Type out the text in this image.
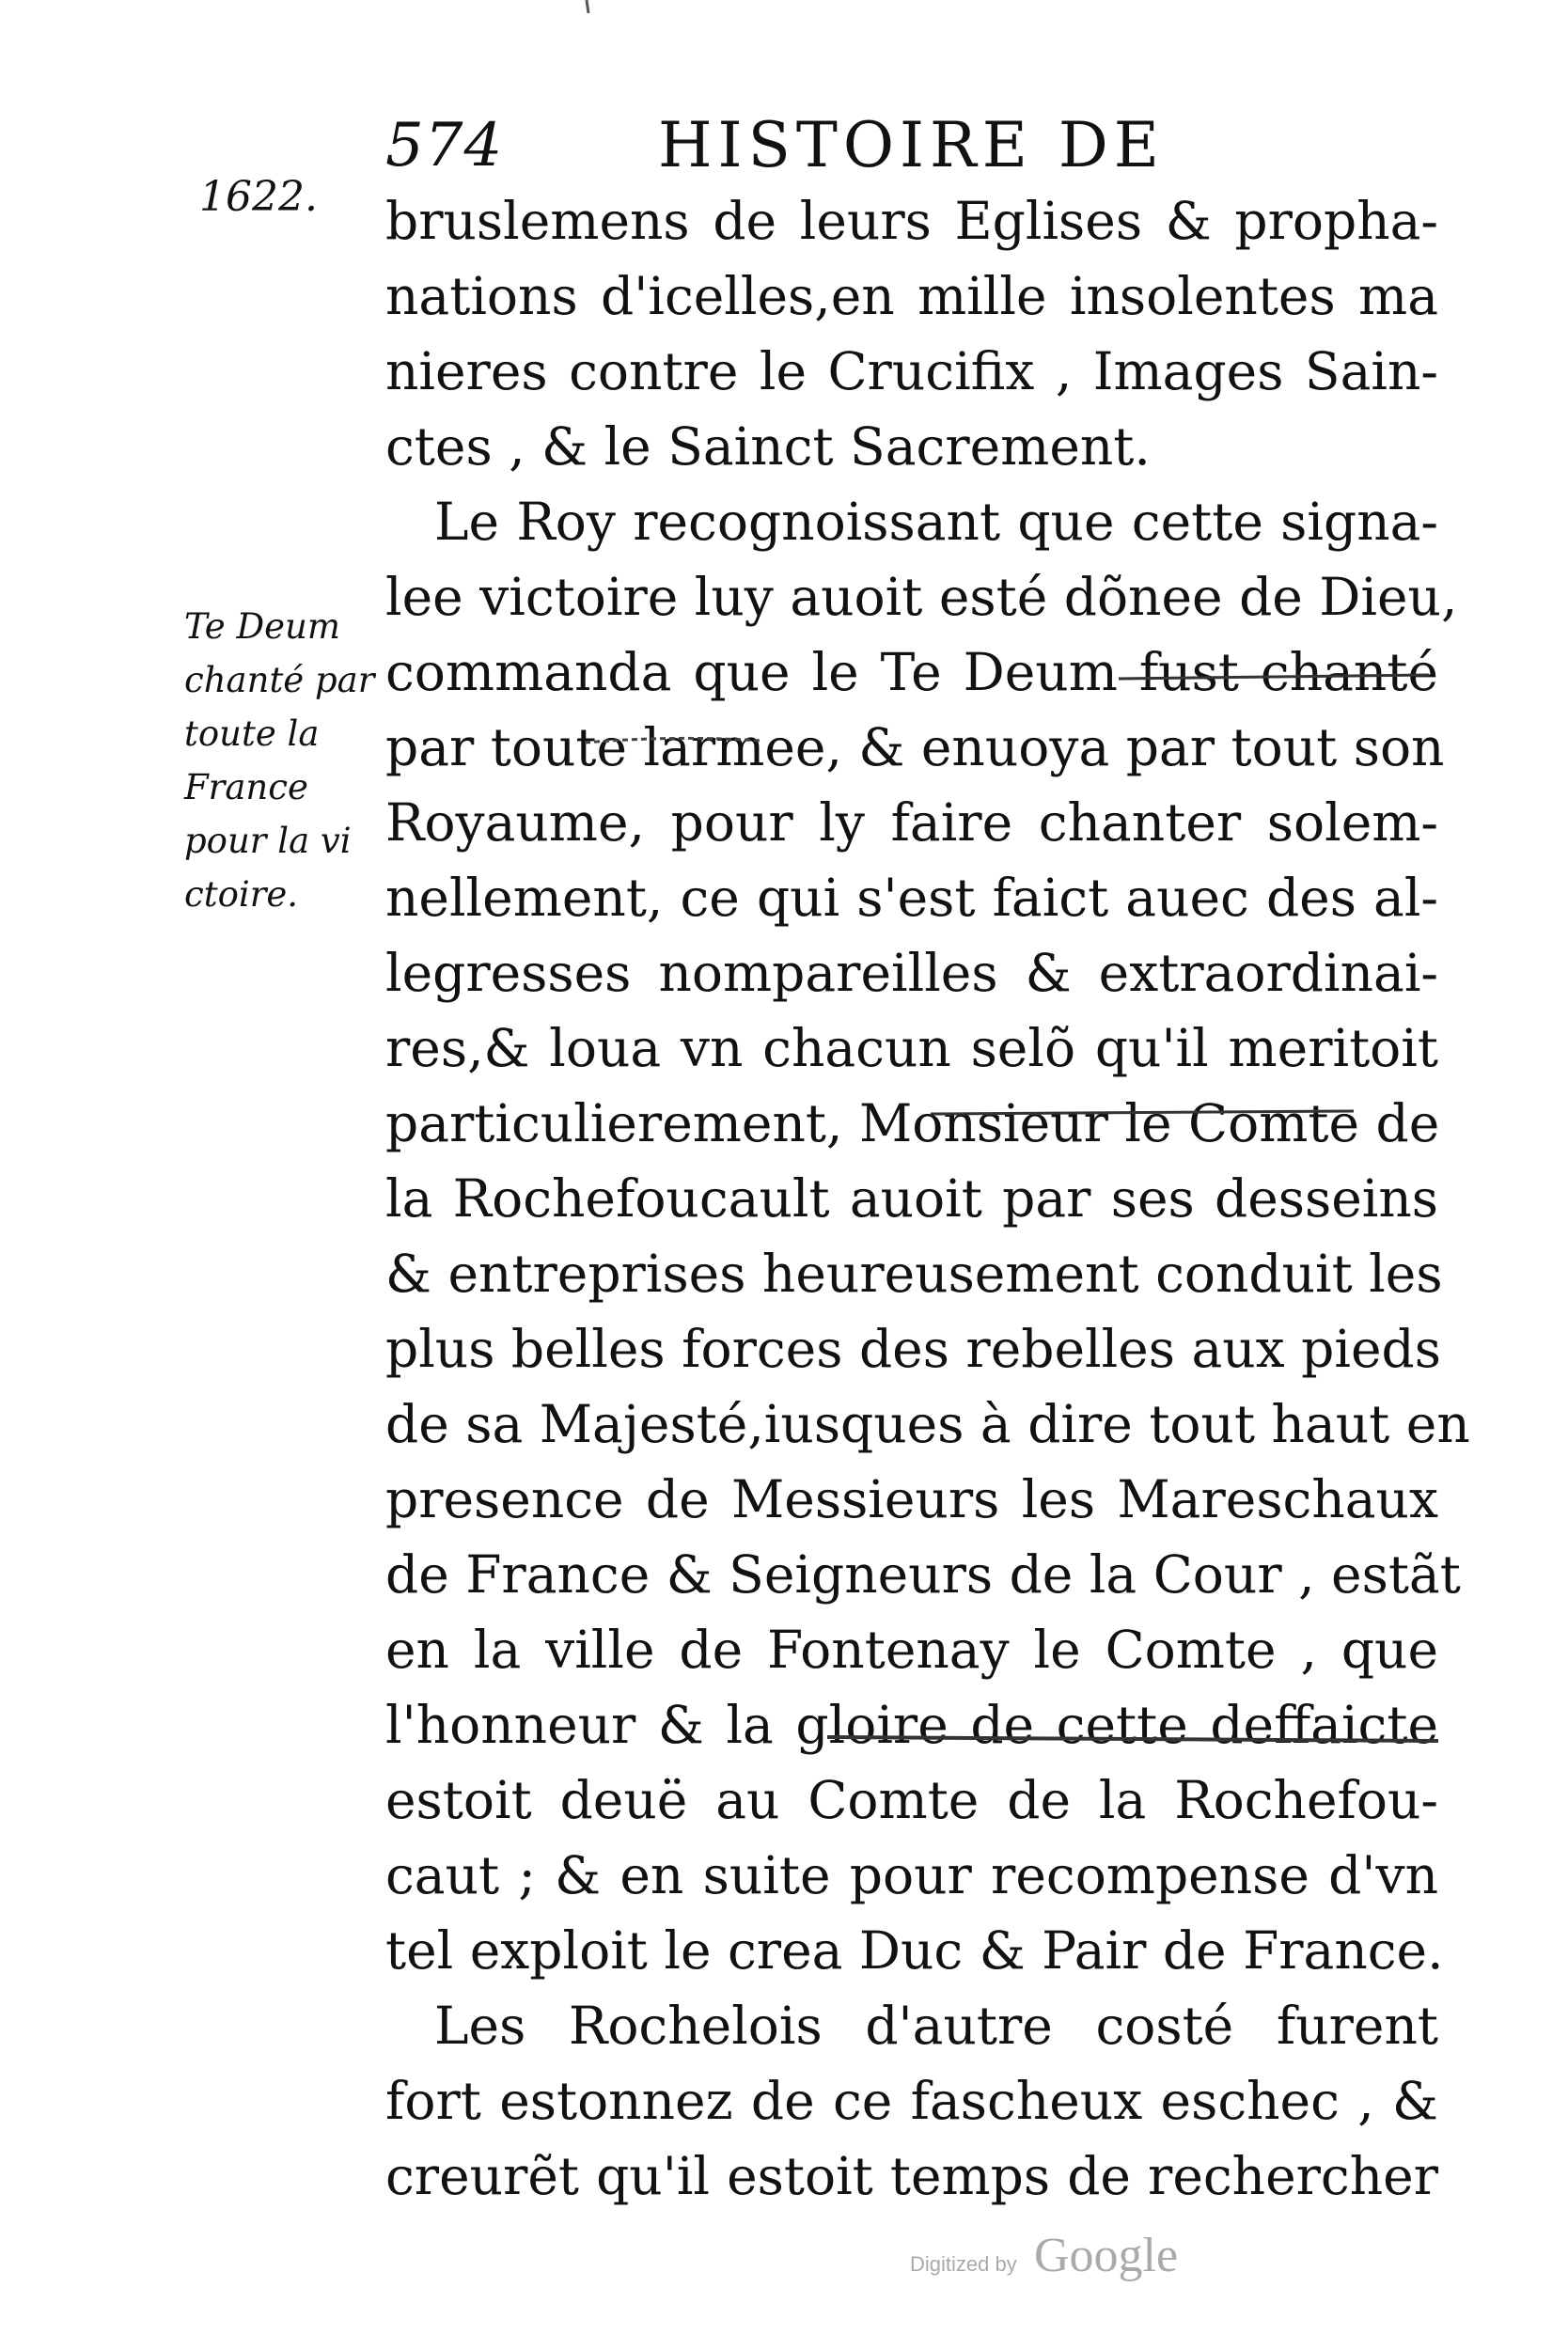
574 HISTOIRE DE
1622.
Te Deum
chanté par
toute la
France
pour la vi
ctoire.
bruslemens de leurs Eglises & propha-
nations d'icelles,en mille insolentes ma
nieres contre le Crucifix , Images Sain-
ctes , & le Sainct Sacrement.
Le Roy recognoissant que cette signa-
lee victoire luy auoit esté dõnee de Dieu,
commanda que le Te Deum fust chanté
par toute larmee, & enuoya par tout son
Royaume, pour ly faire chanter solem-
nellement, ce qui s'est faict auec des al-
legresses nompareilles & extraordinai-
res,& loua vn chacun selõ qu'il meritoit
particulierement, Monsieur le Comte de
la Rochefoucault auoit par ses desseins
& entreprises heureusement conduit les
plus belles forces des rebelles aux pieds
de sa Majesté,iusques à dire tout haut en
presence de Messieurs les Mareschaux
de France & Seigneurs de la Cour , estãt
en la ville de Fontenay le Comte , que
l'honneur & la gloire de cette deffaicte
estoit deuë au Comte de la Rochefou-
caut ; & en suite pour recompense d'vn
tel exploit le crea Duc & Pair de France.
Les Rochelois d'autre costé furent
fort estonnez de ce fascheux eschec , &
creurẽt qu'il estoit temps de rechercher
Digitized by Google
